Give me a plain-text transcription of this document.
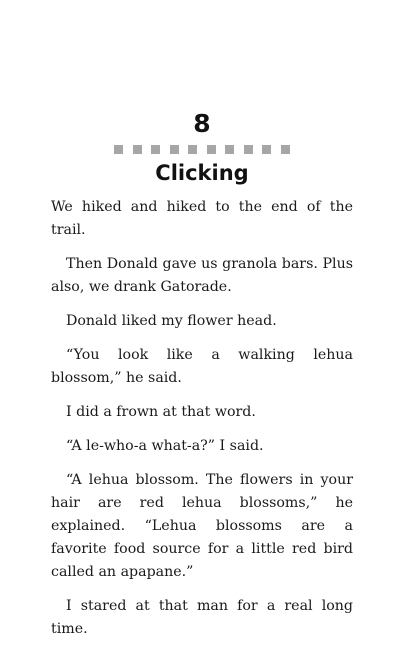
8
Clicking

We hiked and hiked to the end of the trail.

Then Donald gave us granola bars. Plus also, we drank Gatorade.

Donald liked my flower head.

“You look like a walking lehua blossom,” he said.

I did a frown at that word.

“A le-who-a what-a?” I said.

“A lehua blossom. The flowers in your hair are red lehua blossoms,” he explained. “Lehua blossoms are a favorite food source for a little red bird called an apapane.”

I stared at that man for a real long time.
